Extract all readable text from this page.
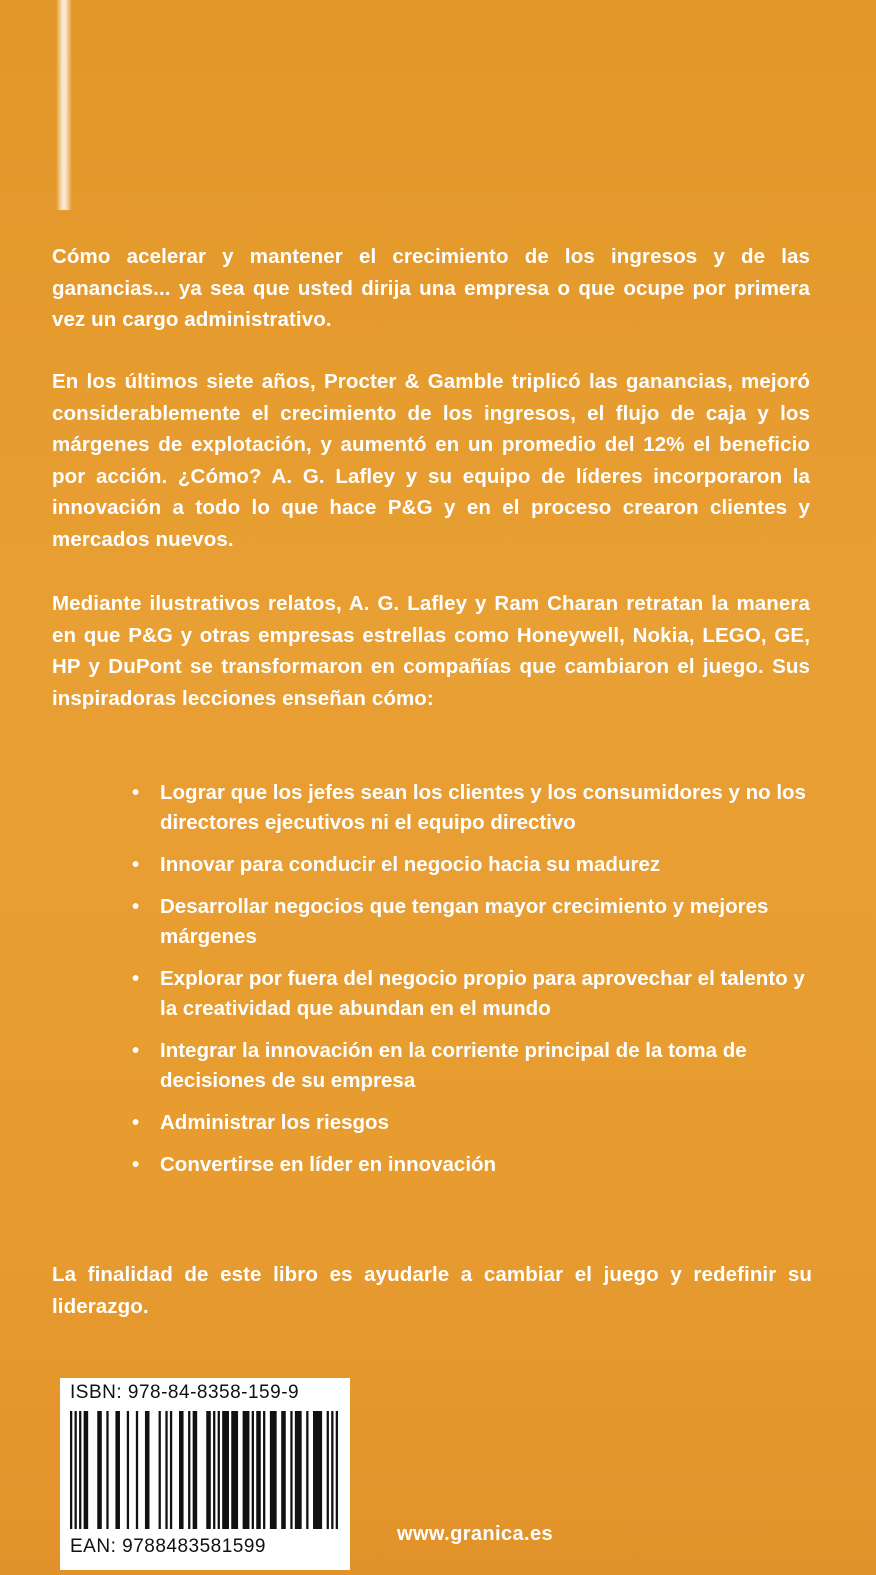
Cómo acelerar y mantener el crecimiento de los ingresos y de las ganancias... ya sea que usted dirija una empresa o que ocupe por primera vez un cargo administrativo.
En los últimos siete años, Procter & Gamble triplicó las ganancias, mejoró considerablemente el crecimiento de los ingresos, el flujo de caja y los márgenes de explotación, y aumentó en un promedio del 12% el beneficio por acción. ¿Cómo? A. G. Lafley y su equipo de líderes incorporaron la innovación a todo lo que hace P&G y en el proceso crearon clientes y mercados nuevos.
Mediante ilustrativos relatos, A. G. Lafley y Ram Charan retratan la manera en que P&G y otras empresas estrellas como Honeywell, Nokia, LEGO, GE, HP y DuPont se transformaron en compañías que cambiaron el juego. Sus inspiradoras lecciones enseñan cómo:
• Lograr que los jefes sean los clientes y los consumidores y no los directores ejecutivos ni el equipo directivo
• Innovar para conducir el negocio hacia su madurez
• Desarrollar negocios que tengan mayor crecimiento y mejores márgenes
• Explorar por fuera del negocio propio para aprovechar el talento y la creatividad que abundan en el mundo
• Integrar la innovación en la corriente principal de la toma de decisiones de su empresa
• Administrar los riesgos
• Convertirse en líder en innovación
La finalidad de este libro es ayudarle a cambiar el juego y redefinir su liderazgo.
ISBN: 978-84-8358-159-9
EAN: 9788483581599
www.granica.es
